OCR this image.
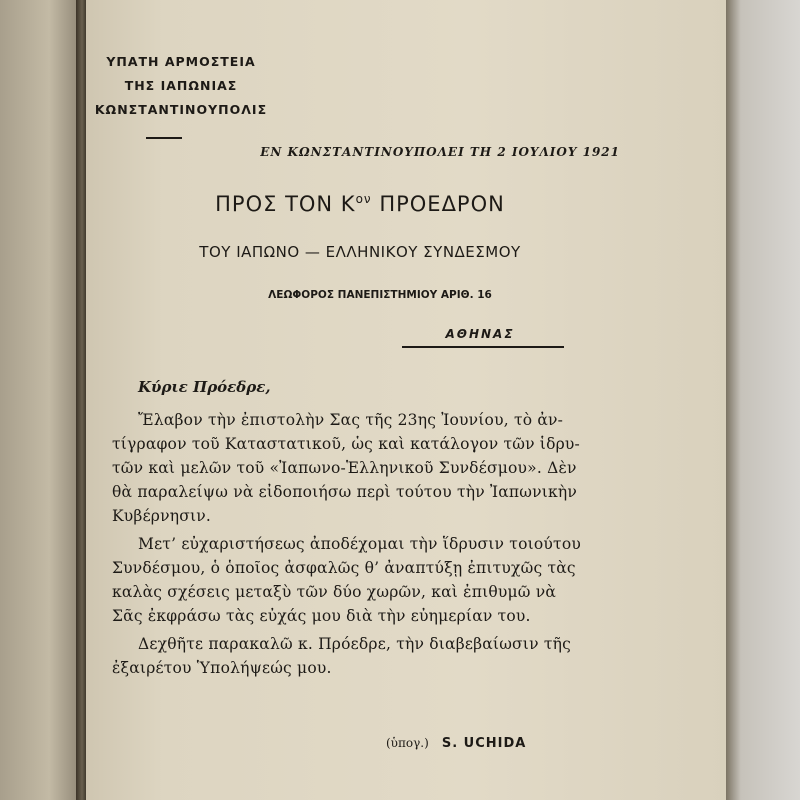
ΥΠΑΤΗ ΑΡΜΟΣΤΕΙΑ
ΤΗΣ ΙΑΠΩΝΙΑΣ
ΚΩΝΣΤΑΝΤΙΝΟΥΠΟΛΙΣ
ΕΝ ΚΩΝΣΤΑΝΤΙΝΟΥΠΟΛΕΙ ΤΗ 2 ΙΟΥΛΙΟΥ 1921
ΠΡΟΣ ΤΟΝ $K^{o\nu}$ ΠΡΟΕΔΡΟΝ
ΤΟΥ ΙΑΠΩΝΟ — ΕΛΛΗΝΙΚΟΥ ΣΥΝΔΕΣΜΟΥ
ΛΕΩΦΟΡΟΣ ΠΑΝΕΠΙΣΤΗΜΙΟΥ ΑΡΙΘ. 16
ΑΘΗΝΑΣ
Κύριε Πρόεδρε,
Ἔλαβον τὴν ἐπιστολὴν Σας τῆς 23ης Ἰουνίου, τὸ ἀν-
τίγραφον τοῦ Καταστατικοῦ, ὡς καὶ κατάλογον τῶν ἱδρυ-
τῶν καὶ μελῶν τοῦ «Ἰαπωνο-Ἑλληνικοῦ Συνδέσμου». Δὲν
θὰ παραλείψω νὰ εἰδοποιήσω περὶ τούτου τὴν Ἰαπωνικὴν
Κυβέρνησιν.
Μετ’ εὐχαριστήσεως ἀποδέχομαι τὴν ἵδρυσιν τοιούτου
Συνδέσμου, ὁ ὁποῖος ἀσφαλῶς θ’ ἀναπτύξῃ ἐπιτυχῶς τὰς
καλὰς σχέσεις μεταξὺ τῶν δύο χωρῶν, καὶ ἐπιθυμῶ νὰ
Σᾶς ἐκφράσω τὰς εὐχάς μου διὰ τὴν εὐημερίαν του.
Δεχθῆτε παρακαλῶ κ. Πρόεδρε, τὴν διαβεβαίωσιν τῆς
ἐξαιρέτου Ὑπολήψεώς μου.
(ὑπογ.) S. UCHIDA
